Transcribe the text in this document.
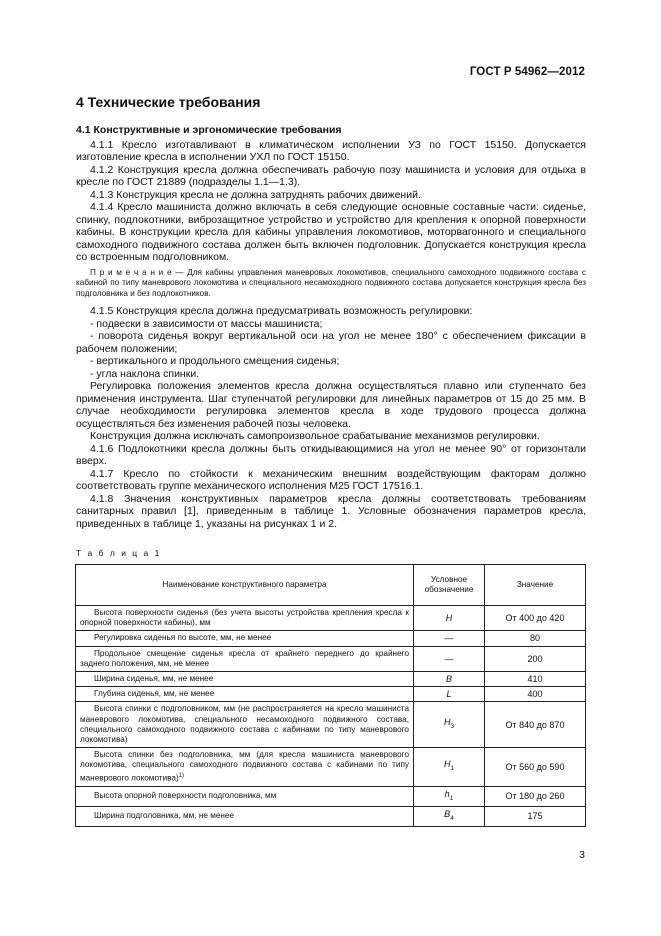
ГОСТ Р 54962—2012
4 Технические требования

4.1 Конструктивные и эргономические требования

4.1.1 Кресло изготавливают в климатическом исполнении УЗ по ГОСТ 15150. Допускается изготовление кресла в исполнении УХЛ по ГОСТ 15150.

4.1.2 Конструкция кресла должна обеспечивать рабочую позу машиниста и условия для отдыха в кресле по ГОСТ 21889 (подразделы 1.1—1.3).

4.1.3 Конструкция кресла не должна затруднять рабочих движений.

4.1.4 Кресло машиниста должно включать в себя следующие основные составные части: сиденье, спинку, подлокотники, виброзащитное устройство и устройство для крепления к опорной поверхности кабины. В конструкции кресла для кабины управления локомотивов, моторвагонного и специального самоходного подвижного состава должен быть включен подголовник. Допускается конструкция кресла со встроенным подголовником.

П р и м е ч а н и е — Для кабины управления маневровых локомотивов, специального самоходного подвижного состава с кабиной по типу маневрового локомотива и специального несамоходного подвижного состава допускается конструкция кресла без подголовника и без подлокотников.

4.1.5 Конструкция кресла должна предусматривать возможность регулировки:

- подвески в зависимости от массы машиниста;

- поворота сиденья вокруг вертикальной оси на угол не менее 180° с обеспечением фиксации в рабочем положении;

- вертикального и продольного смещения сиденья;

- угла наклона спинки.

Регулировка положения элементов кресла должна осуществляться плавно или ступенчато без применения инструмента. Шаг ступенчатой регулировки для линейных параметров от 15 до 25 мм. В случае необходимости регулировка элементов кресла в ходе трудового процесса должна осуществляться без изменения рабочей позы человека.

Конструкция должна исключать самопроизвольное срабатывание механизмов регулировки.

4.1.6 Подлокотники кресла должны быть откидывающимися на угол не менее 90° от горизонтали вверх.

4.1.7 Кресло по стойкости к механическим внешним воздействующим факторам должно соответствовать группе механического исполнения М25 ГОСТ 17516.1.

4.1.8 Значения конструктивных параметров кресла должны соответствовать требованиям санитарных правил [1], приведенным в таблице 1. Условные обозначения параметров кресла, приведенных в таблице 1, указаны на рисунках 1 и 2.

Т а б л и ц а 1
Наименование конструктивного параметра	Условное обозначение	Значение
Высота поверхности сиденья (без учета высоты устройства крепления кресла к опорной поверхности кабины), мм	H	От 400 до 420
Регулировка сиденья по высоте, мм, не менее	—	80
Продольное смещение сиденья кресла от крайнего переднего до крайнего заднего положения, мм, не менее	—	200
Ширина сиденья, мм, не менее	B	410
Глубина сиденья, мм, не менее	L	400
Высота спинки с подголовником, мм (не распространяется на кресло машиниста маневрового локомотива, специального несамоходного подвижного состава, специального самоходного подвижного состава с кабинами по типу маневрового локомотива)	$H_3$	От 840 до 870
Высота спинки без подголовника, мм (для кресла машиниста маневрового локомотива, специального самоходного подвижного состава с кабинами по типу маневрового локомотива)$^{1)}$	$H_1$	От 560 до 590
Высота опорной поверхности подголовника, мм	$h_1$	От 180 до 260
Ширина подголовника, мм, не менее	$B_4$	175
3
